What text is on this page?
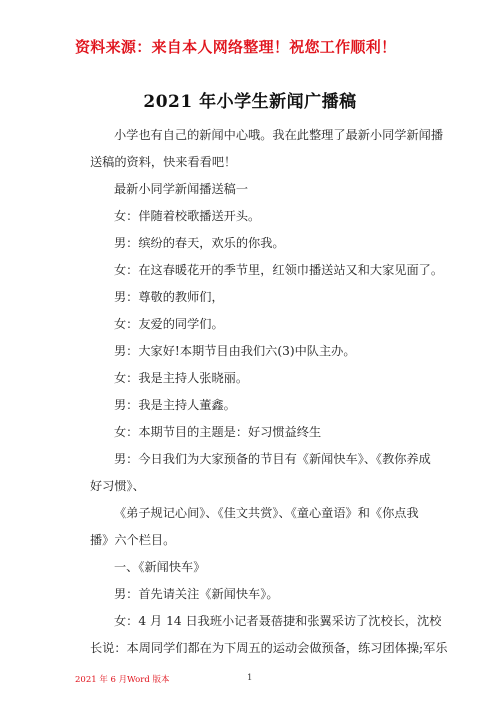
资料来源：来自本人网络整理！祝您工作顺利！
2021 年小学生新闻广播稿
小学也有自己的新闻中心哦。我在此整理了最新小同学新闻播
送稿的资料，快来看看吧！
最新小同学新闻播送稿一
女：伴随着校歌播送开头。
男：缤纷的春天，欢乐的你我。
女：在这春暖花开的季节里，红领巾播送站又和大家见面了。
男：尊敬的教师们，
女：友爱的同学们。
男：大家好!本期节目由我们六(3)中队主办。
女：我是主持人张晓丽。
男：我是主持人董鑫。
女：本期节目的主题是：好习惯益终生
男：今日我们为大家预备的节目有《新闻快车》、《教你养成
好习惯》、
《弟子规记心间》、《佳文共赏》、《童心童语》和《你点我
播》六个栏目。
一、《新闻快车》
男：首先请关注《新闻快车》。
女：4 月 14 日我班小记者聂蓓捷和张翼采访了沈校长，沈校
长说：本周同学们都在为下周五的运动会做预备，练习团体操;军乐
2021 年 6 月 Word 版本	1
